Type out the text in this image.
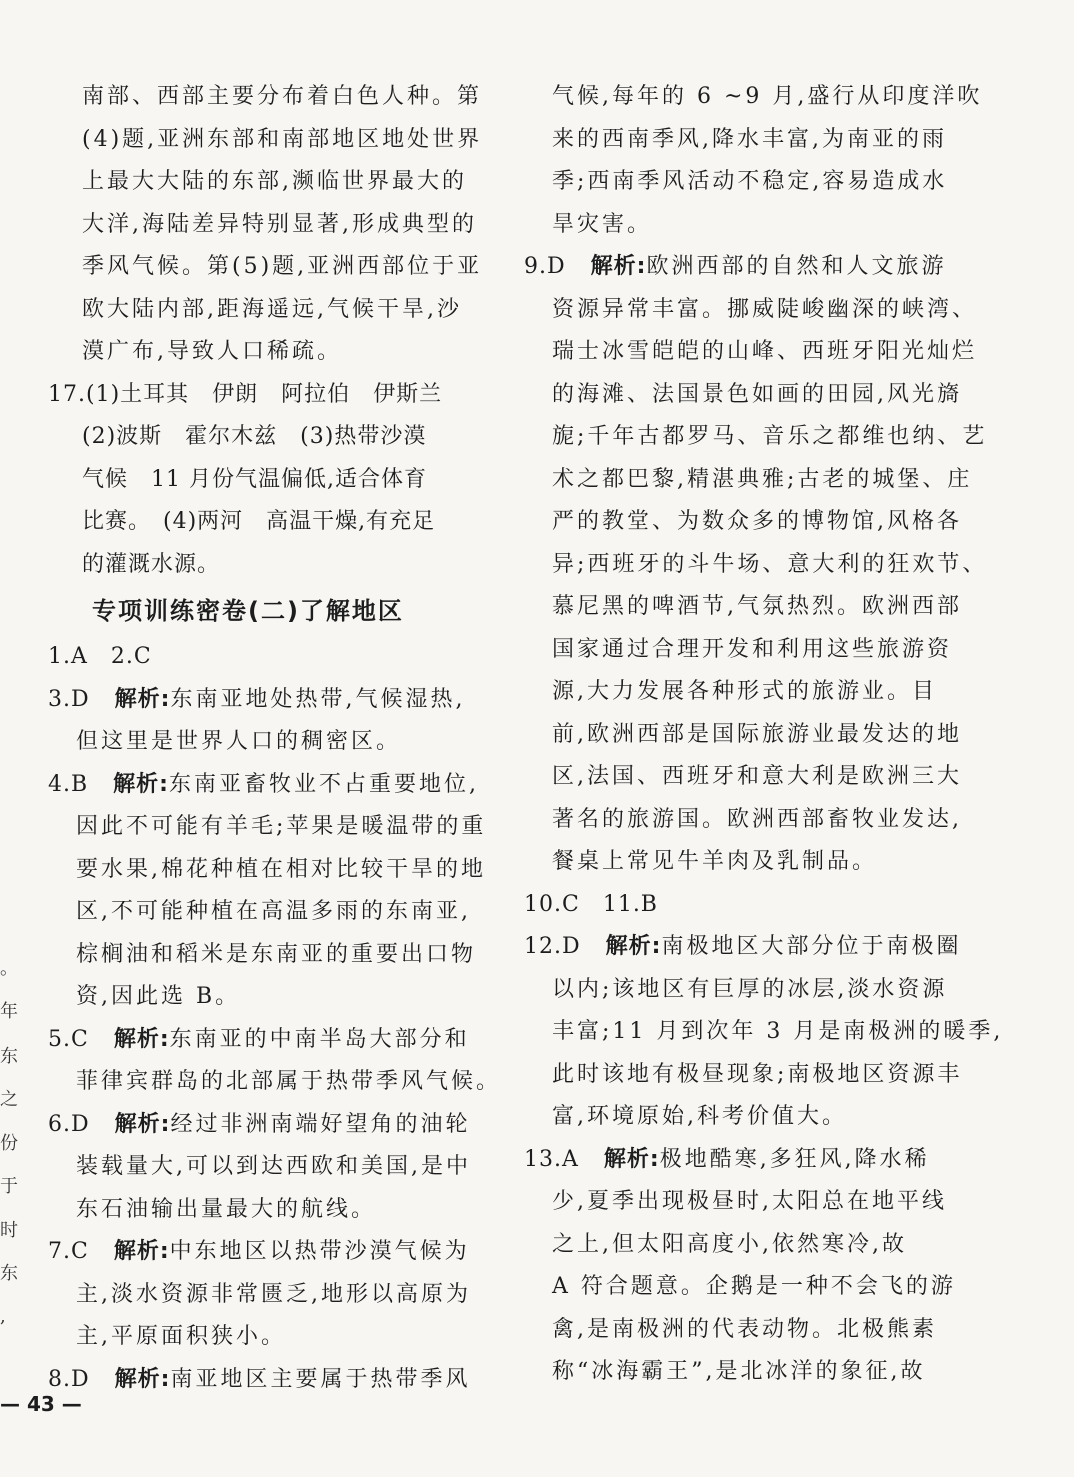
。
年
东
之
份
于
时
东
,
南部、西部主要分布着白色人种。第
(4)题,亚洲东部和南部地区地处世界
上最大大陆的东部,濒临世界最大的
大洋,海陆差异特别显著,形成典型的
季风气候。第(5)题,亚洲西部位于亚
欧大陆内部,距海遥远,气候干旱,沙
漠广布,导致人口稀疏。
17.(1)土耳其　伊朗　阿拉伯　伊斯兰
(2)波斯　霍尔木兹　(3)热带沙漠
气候　11 月份气温偏低,适合体育
比赛。　(4)两河　高温干燥,有充足
的灌溉水源。
专项训练密卷(二)了解地区
1.A　2.C
3.D  解析:东南亚地处热带,气候湿热,
但这里是世界人口的稠密区。
4.B  解析:东南亚畜牧业不占重要地位,
因此不可能有羊毛;苹果是暖温带的重
要水果,棉花种植在相对比较干旱的地
区,不可能种植在高温多雨的东南亚,
棕榈油和稻米是东南亚的重要出口物
资,因此选 B。
5.C  解析:东南亚的中南半岛大部分和
菲律宾群岛的北部属于热带季风气候。
6.D  解析:经过非洲南端好望角的油轮
装载量大,可以到达西欧和美国,是中
东石油输出量最大的航线。
7.C  解析:中东地区以热带沙漠气候为
主,淡水资源非常匮乏,地形以高原为
主,平原面积狭小。
8.D  解析:南亚地区主要属于热带季风
气候,每年的 6 ~9 月,盛行从印度洋吹
来的西南季风,降水丰富,为南亚的雨
季;西南季风活动不稳定,容易造成水
旱灾害。
9.D  解析:欧洲西部的自然和人文旅游
资源异常丰富。挪威陡峻幽深的峡湾、
瑞士冰雪皑皑的山峰、西班牙阳光灿烂
的海滩、法国景色如画的田园,风光旖
旎;千年古都罗马、音乐之都维也纳、艺
术之都巴黎,精湛典雅;古老的城堡、庄
严的教堂、为数众多的博物馆,风格各
异;西班牙的斗牛场、意大利的狂欢节、
慕尼黑的啤酒节,气氛热烈。欧洲西部
国家通过合理开发和利用这些旅游资
源,大力发展各种形式的旅游业。目
前,欧洲西部是国际旅游业最发达的地
区,法国、西班牙和意大利是欧洲三大
著名的旅游国。欧洲西部畜牧业发达,
餐桌上常见牛羊肉及乳制品。
10.C　11.B
12.D  解析:南极地区大部分位于南极圈
以内;该地区有巨厚的冰层,淡水资源
丰富;11 月到次年 3 月是南极洲的暖季,
此时该地有极昼现象;南极地区资源丰
富,环境原始,科考价值大。
13.A  解析:极地酷寒,多狂风,降水稀
少,夏季出现极昼时,太阳总在地平线
之上,但太阳高度小,依然寒冷,故
A 符合题意。企鹅是一种不会飞的游
禽,是南极洲的代表动物。北极熊素
称“冰海霸王”,是北冰洋的象征,故
— 43 —
